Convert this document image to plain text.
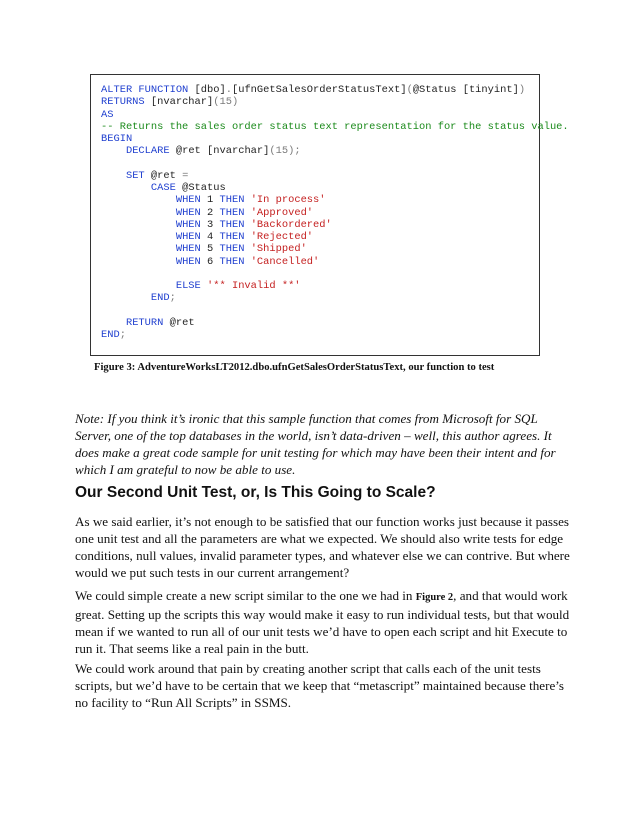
ALTER FUNCTION [dbo].[ufnGetSalesOrderStatusText](@Status [tinyint])
RETURNS [nvarchar](15)
AS
-- Returns the sales order status text representation for the status value.
BEGIN
DECLARE @ret [nvarchar](15);

SET @ret =
CASE @Status
WHEN 1 THEN 'In process'
WHEN 2 THEN 'Approved'
WHEN 3 THEN 'Backordered'
WHEN 4 THEN 'Rejected'
WHEN 5 THEN 'Shipped'
WHEN 6 THEN 'Cancelled'

ELSE '** Invalid **'
END;

RETURN @ret
END;
Figure 3: AdventureWorksLT2012.dbo.ufnGetSalesOrderStatusText, our function to test

Note: If you think it’s ironic that this sample function that comes from Microsoft for SQL Server, one of the top databases in the world, isn’t data-driven – well, this author agrees. It does make a great code sample for unit testing for which may have been their intent and for which I am grateful to now be able to use.

Our Second Unit Test, or, Is This Going to Scale?

As we said earlier, it’s not enough to be satisfied that our function works just because it passes one unit test and all the parameters are what we expected. We should also write tests for edge conditions, null values, invalid parameter types, and whatever else we can contrive. But where would we put such tests in our current arrangement?

We could simple create a new script similar to the one we had in Figure 2, and that would work great. Setting up the scripts this way would make it easy to run individual tests, but that would mean if we wanted to run all of our unit tests we’d have to open each script and hit Execute to run it. That seems like a real pain in the butt.

We could work around that pain by creating another script that calls each of the unit tests scripts, but we’d have to be certain that we keep that “metascript” maintained because there’s no facility to “Run All Scripts” in SSMS.
